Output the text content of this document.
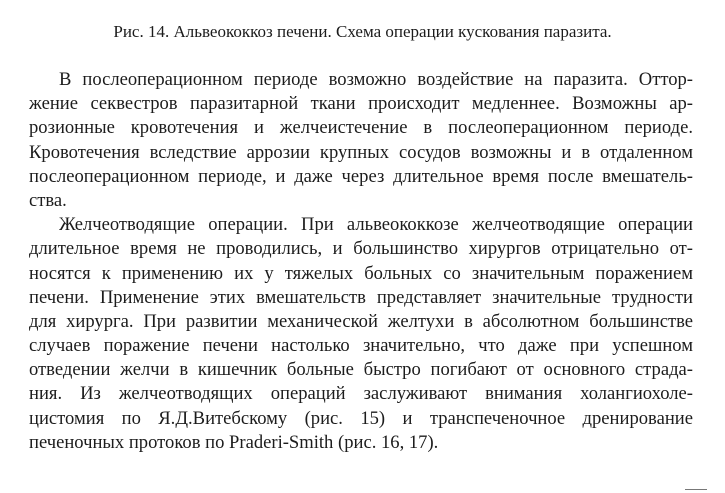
Рис. 14. Альвеококкоз печени. Схема операции кускования паразита.
В послеоперационном периоде возможно воздействие на паразита. Оттор-
жение секвестров паразитарной ткани происходит медленнее. Возможны ар-
розионные кровотечения и желчеистечение в послеоперационном периоде.
Кровотечения вследствие аррозии крупных сосудов возможны и в отдаленном
послеоперационном периоде, и даже через длительное время после вмешатель-
ства.
Желчеотводящие операции. При альвеококкозе желчеотводящие операции
длительное время не проводились, и большинство хирургов отрицательно от-
носятся к применению их у тяжелых больных со значительным поражением
печени. Применение этих вмешательств представляет значительные трудности
для хирурга. При развитии механической желтухи в абсолютном большинстве
случаев поражение печени настолько значительно, что даже при успешном
отведении желчи в кишечник больные быстро погибают от основного страда-
ния. Из желчеотводящих операций заслуживают внимания холангиохоле-
цистомия по Я.Д.Витебскому (рис. 15) и транспеченочное дренирование
печеночных протоков по Praderi-Smith (рис. 16, 17).
